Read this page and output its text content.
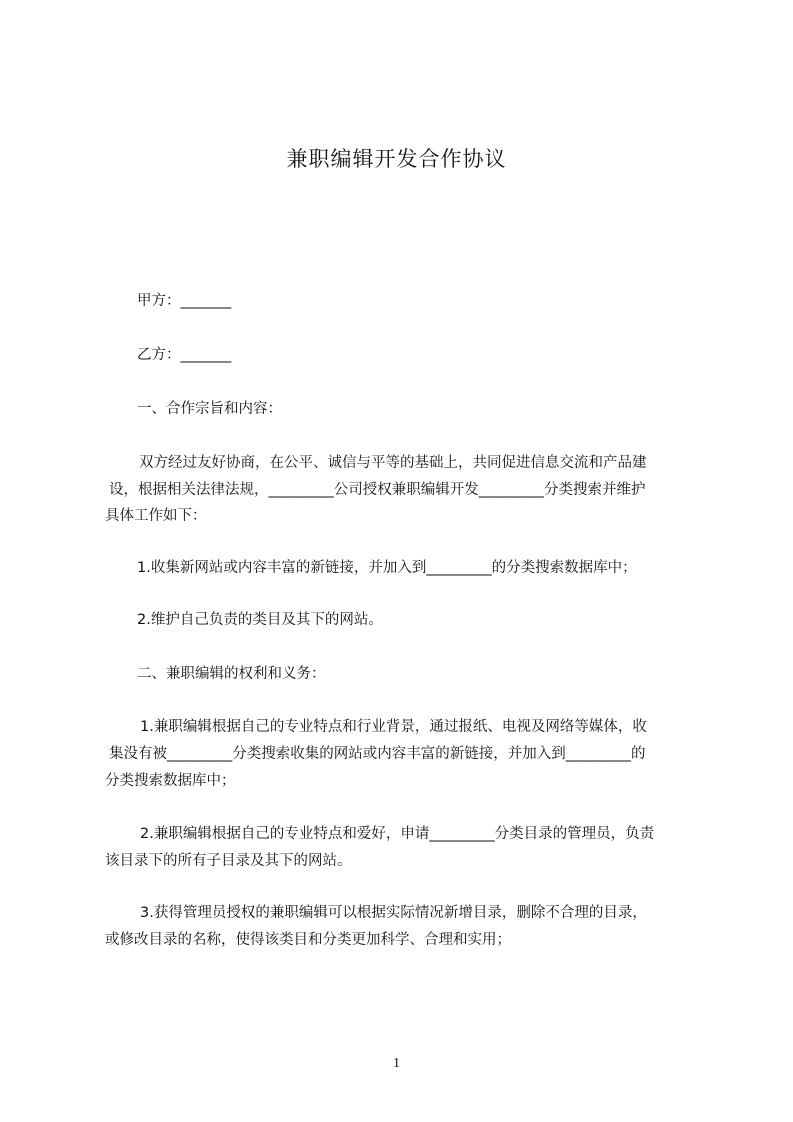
兼职编辑开发合作协议
甲方：_______
乙方：_______
一、合作宗旨和内容：
双方经过友好协商，在公平、诚信与平等的基础上，共同促进信息交流和产品建
设，根据相关法律法规，_________公司授权兼职编辑开发_________分类搜索并维护
具体工作如下：
1.收集新网站或内容丰富的新链接，并加入到_________的分类搜索数据库中；
2.维护自己负责的类目及其下的网站。
二、兼职编辑的权利和义务：
1.兼职编辑根据自己的专业特点和行业背景，通过报纸、电视及网络等媒体，收
集没有被_________分类搜索收集的网站或内容丰富的新链接，并加入到_________的
分类搜索数据库中；
2.兼职编辑根据自己的专业特点和爱好，申请_________分类目录的管理员，负责
该目录下的所有子目录及其下的网站。
3.获得管理员授权的兼职编辑可以根据实际情况新增目录，删除不合理的目录，
或修改目录的名称，使得该类目和分类更加科学、合理和实用；
1
